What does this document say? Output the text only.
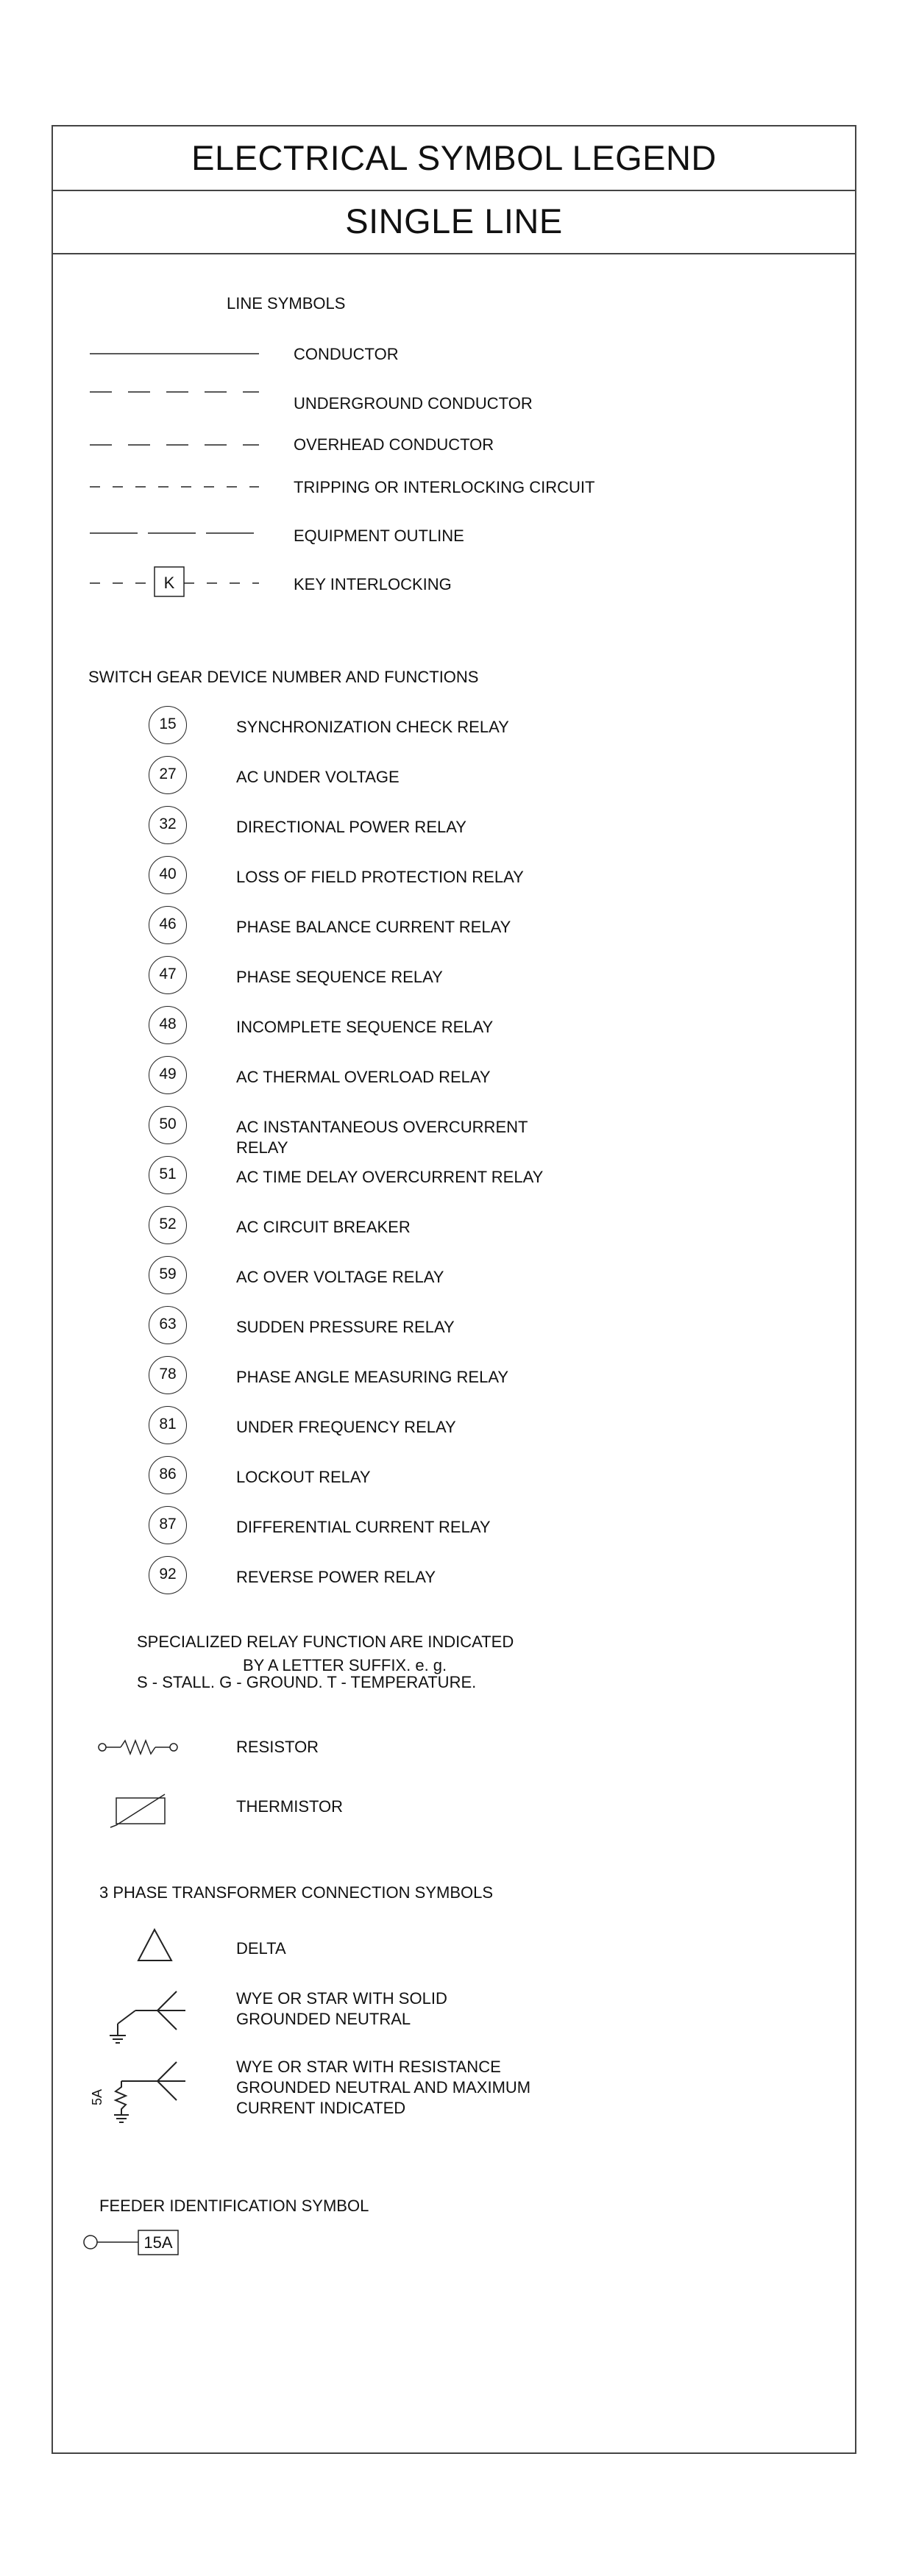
ELECTRICAL SYMBOL LEGEND
SINGLE LINE
LINE SYMBOLS
K
CONDUCTOR
UNDERGROUND CONDUCTOR
OVERHEAD CONDUCTOR
TRIPPING OR INTERLOCKING CIRCUIT
EQUIPMENT OUTLINE
KEY INTERLOCKING
SWITCH GEAR DEVICE NUMBER AND FUNCTIONS
15	SYNCHRONIZATION CHECK RELAY
27	AC UNDER VOLTAGE
32	DIRECTIONAL POWER RELAY
40	LOSS OF FIELD PROTECTION RELAY
46	PHASE BALANCE CURRENT RELAY
47	PHASE SEQUENCE RELAY
48	INCOMPLETE SEQUENCE RELAY
49	AC THERMAL OVERLOAD RELAY
50	AC INSTANTANEOUS OVERCURRENT
RELAY
51	AC TIME DELAY OVERCURRENT RELAY
52	AC CIRCUIT BREAKER
59	AC OVER VOLTAGE RELAY
63	SUDDEN PRESSURE RELAY
78	PHASE ANGLE MEASURING RELAY
81	UNDER FREQUENCY RELAY
86	LOCKOUT RELAY
87	DIFFERENTIAL CURRENT RELAY
92	REVERSE POWER RELAY
SPECIALIZED RELAY FUNCTION ARE INDICATED
BY A LETTER SUFFIX. e. g.
S - STALL. G - GROUND. T - TEMPERATURE.
RESISTOR
THERMISTOR
3 PHASE TRANSFORMER CONNECTION SYMBOLS
5A
DELTA
WYE OR STAR WITH SOLID
GROUNDED NEUTRAL
WYE OR STAR WITH RESISTANCE
GROUNDED NEUTRAL AND MAXIMUM
CURRENT INDICATED
FEEDER IDENTIFICATION SYMBOL
15A
